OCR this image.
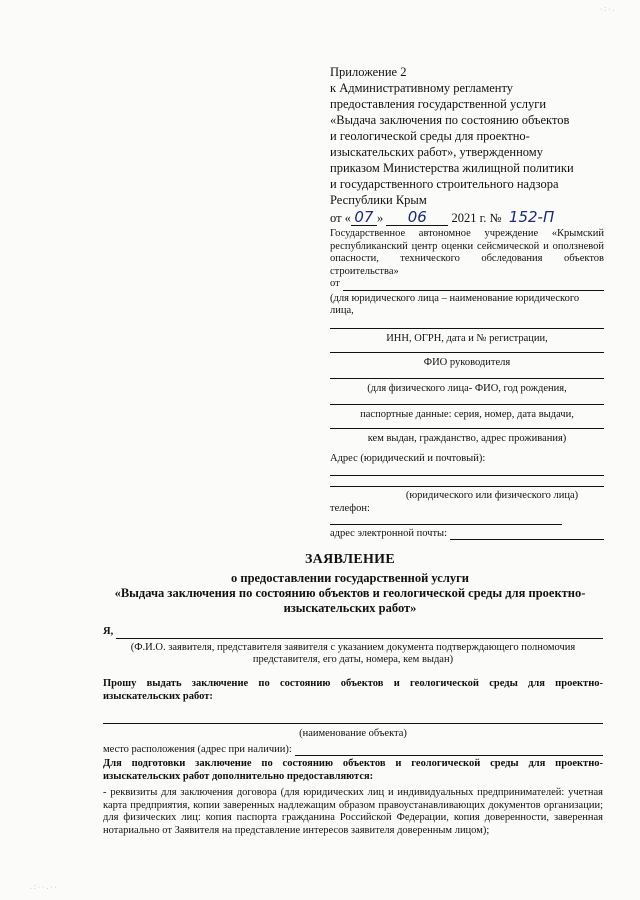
· : · .
. : · · . · ·
Приложение 2
к Административному регламенту
предоставления государственной услуги
«Выдача заключения по состоянию объектов
и геологической среды для проектно-
изыскательских работ», утвержденному
приказом Министерства жилищной политики
и государственного строительного надзора
Республики Крым
от « 07 » 06 2021 г. № 152-П
Государственное автономное учреждение «Крымский республиканский центр оценки сейсмической и оползневой опасности, технического обследования объектов строительства»
от
(для юридического лица – наименование юридического лица,
ИНН, ОГРН, дата и № регистрации,
ФИО руководителя
(для физического лица- ФИО, год рождения,
паспортные данные: серия, номер, дата выдачи,
кем выдан, гражданство, адрес проживания)
Адрес (юридический и почтовый):
(юридического или физического лица)
телефон:
адрес электронной почты:
ЗАЯВЛЕНИЕ
о предоставлении государственной услуги
«Выдача заключения по состоянию объектов и геологической среды для проектно-
изыскательских работ»
Я,
(Ф.И.О. заявителя, представителя заявителя с указанием документа подтверждающего полномочия
представителя, его даты, номера, кем выдан)
Прошу выдать заключение по состоянию объектов и геологической среды для проектно-изыскательских работ:
(наименование объекта)
место расположения (адрес при наличии):
Для подготовки заключение по состоянию объектов и геологической среды для проектно-изыскательских работ дополнительно предоставляются:
- реквизиты для заключения договора (для юридических лиц и индивидуальных предпринимателей: учетная карта предприятия, копии заверенных надлежащим образом правоустанавливающих документов организации; для физических лиц: копия паспорта гражданина Российской Федерации, копия доверенности, заверенная нотариально от Заявителя на представление интересов заявителя доверенным лицом);
